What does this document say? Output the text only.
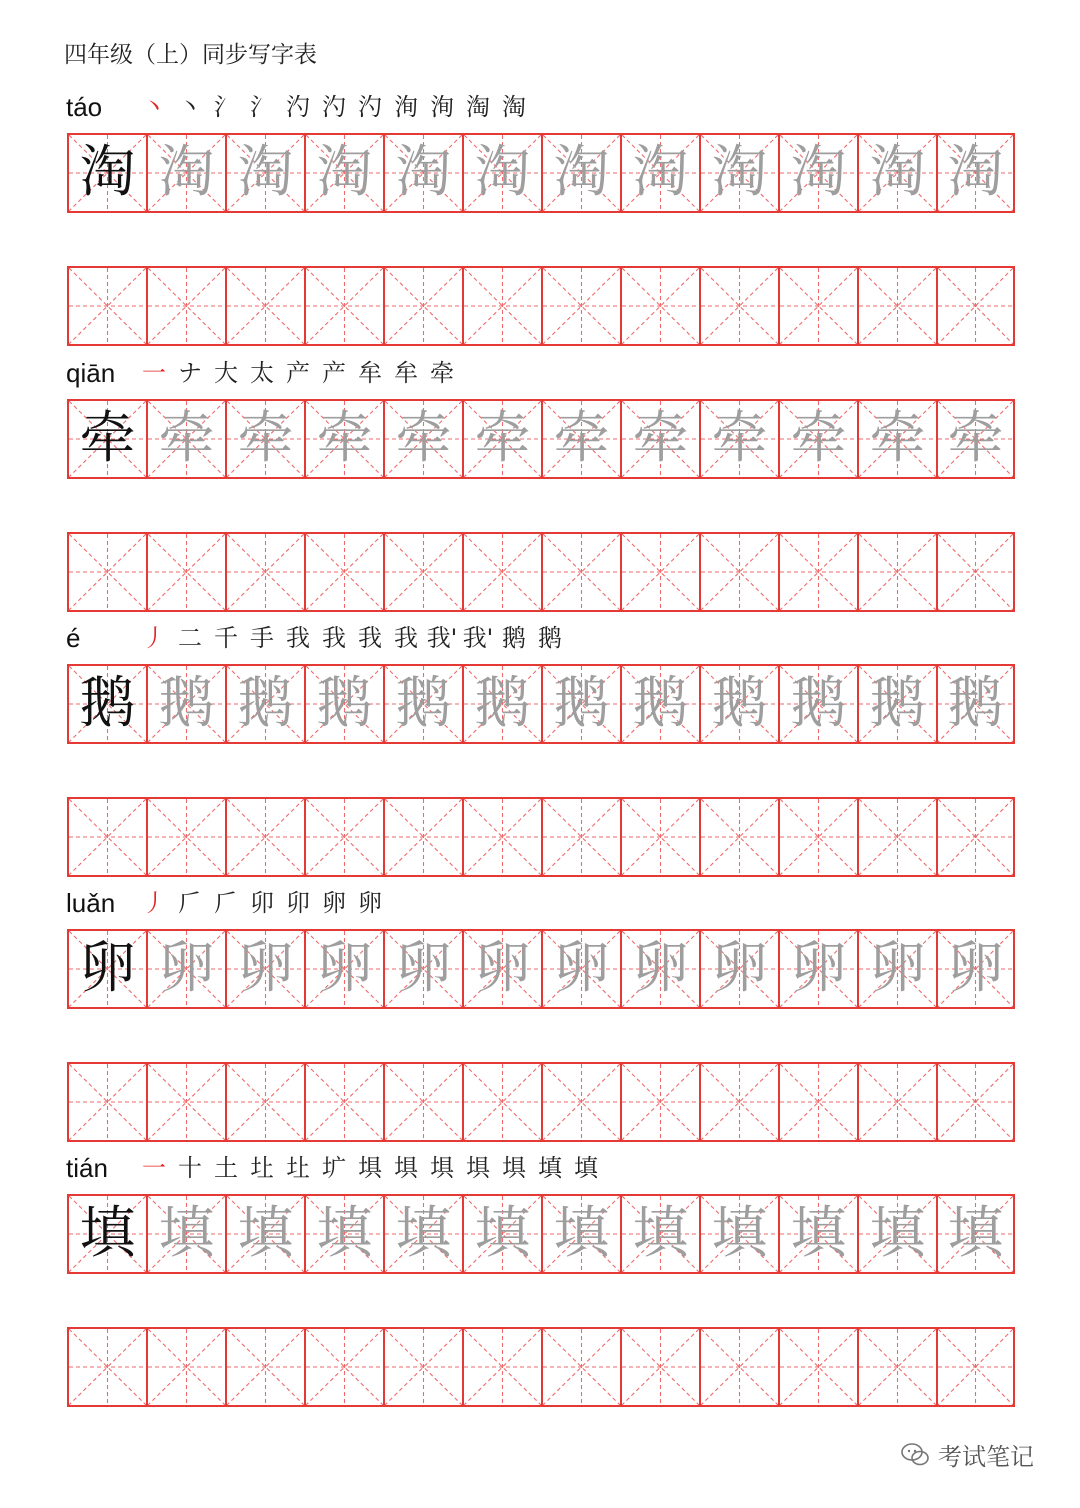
四年级（上）同步写字表
táo 丶 丶 氵 氵 汋 汋 汋 洵 洵 淘 淘
淘 淘 淘 淘 淘 淘 淘 淘 淘 淘 淘 淘
qiān 一 ナ 大 太 产 产 牟 牟 牵
牵 牵 牵 牵 牵 牵 牵 牵 牵 牵 牵 牵
é	丿 二 千 手 我 我 我 我 我' 我' 鹅 鹅
鹅 鹅 鹅 鹅 鹅 鹅 鹅 鹅 鹅 鹅 鹅 鹅
luǎn 丿 𠂆 𠂆 卯 卯 卵 卵
卵 卵 卵 卵 卵 卵 卵 卵 卵 卵 卵 卵
tián 一 十 土 圵 圵 圹 埧 埧 埧 埧 埧 填 填
填 填 填 填 填 填 填 填 填 填 填 填
考试笔记
